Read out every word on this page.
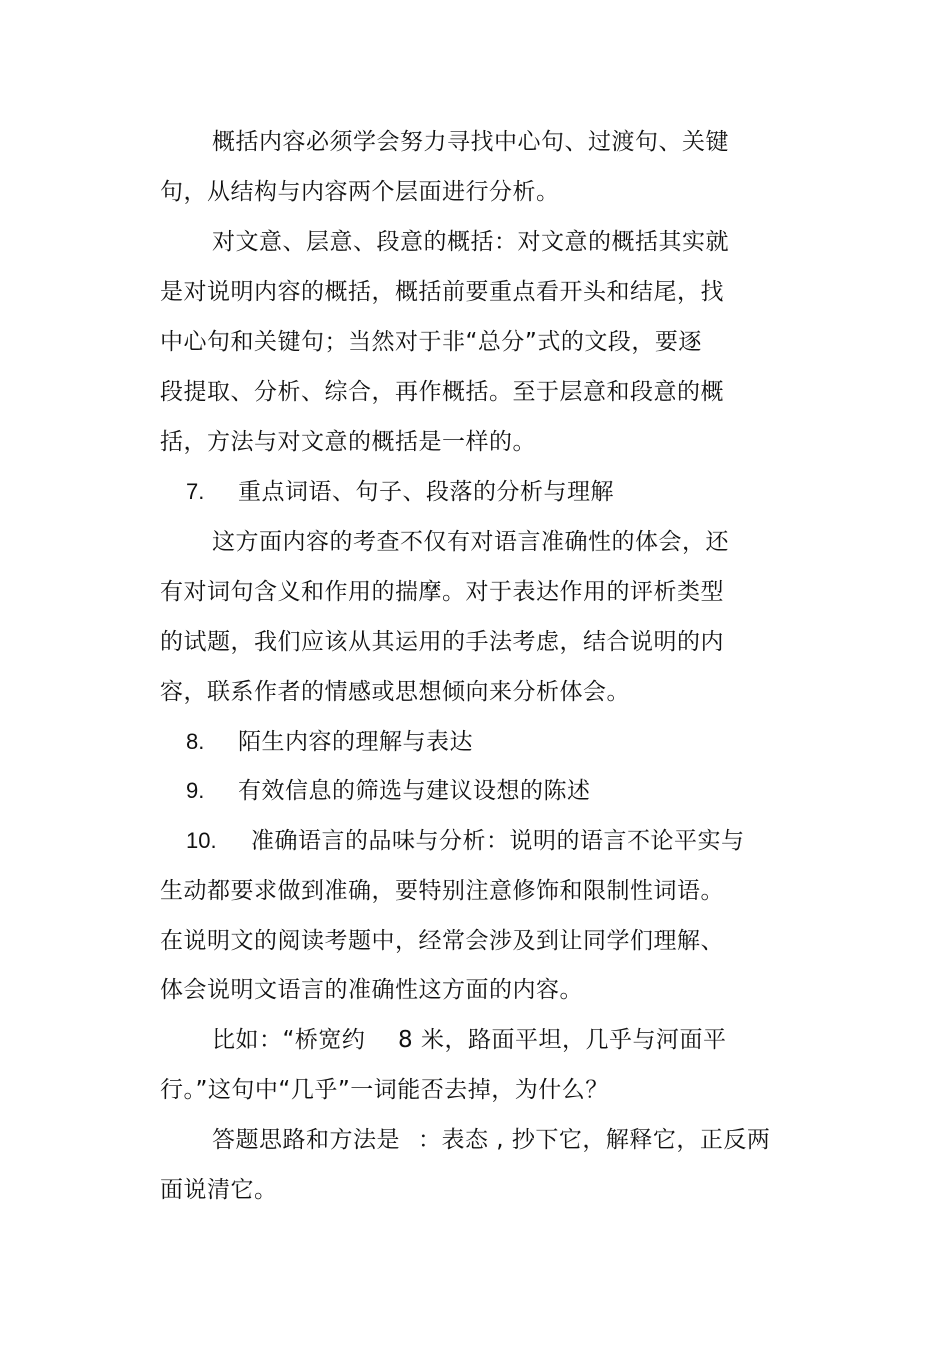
概括内容必须学会努力寻找中心句、过渡句、关键
句，从结构与内容两个层面进行分析。
对文意、层意、段意的概括：对文意的概括其实就
是对说明内容的概括，概括前要重点看开头和结尾，找
中心句和关键句；当然对于非“总分”式的文段，要逐
段提取、分析、综合，再作概括。至于层意和段意的概
括，方法与对文意的概括是一样的。
7. 重点词语、句子、段落的分析与理解
这方面内容的考查不仅有对语言准确性的体会，还
有对词句含义和作用的揣摩。对于表达作用的评析类型
的试题，我们应该从其运用的手法考虑，结合说明的内
容，联系作者的情感或思想倾向来分析体会。
8. 陌生内容的理解与表达
9. 有效信息的筛选与建议设想的陈述
10. 准确语言的品味与分析：说明的语言不论平实与
生动都要求做到准确，要特别注意修饰和限制性词语。
在说明文的阅读考题中，经常会涉及到让同学们理解、
体会说明文语言的准确性这方面的内容。
比如：“桥宽约 8 米，路面平坦，几乎与河面平
行。”这句中“几乎”一词能否去掉，为什么？
答题思路和方法是 ：表态 , 抄下它，解释它，正反两
面说清它。
